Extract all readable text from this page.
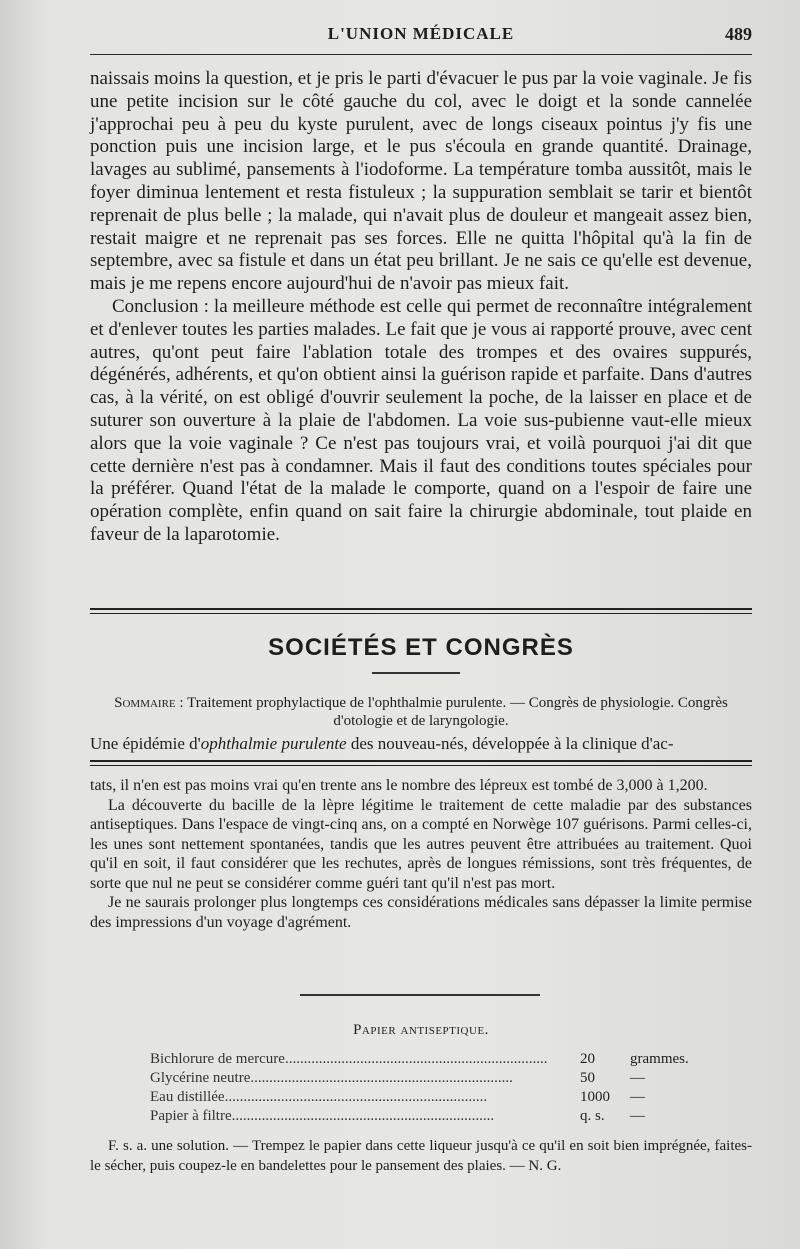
L'UNION MÉDICALE	489

naissais moins la question, et je pris le parti d'évacuer le pus par la voie vaginale. Je fis une petite incision sur le côté gauche du col, avec le doigt et la sonde cannelée j'approchai peu à peu du kyste purulent, avec de longs ciseaux pointus j'y fis une ponction puis une incision large, et le pus s'écoula en grande quantité. Drainage, lavages au sublimé, pansements à l'iodoforme. La température tomba aussitôt, mais le foyer diminua lentement et resta fistuleux ; la suppuration semblait se tarir et bientôt reprenait de plus belle ; la malade, qui n'avait plus de douleur et mangeait assez bien, restait maigre et ne reprenait pas ses forces. Elle ne quitta l'hôpital qu'à la fin de septembre, avec sa fistule et dans un état peu brillant. Je ne sais ce qu'elle est devenue, mais je me repens encore aujourd'hui de n'avoir pas mieux fait.

Conclusion : la meilleure méthode est celle qui permet de reconnaître intégralement et d'enlever toutes les parties malades. Le fait que je vous ai rapporté prouve, avec cent autres, qu'ont peut faire l'ablation totale des trompes et des ovaires suppurés, dégénérés, adhérents, et qu'on obtient ainsi la guérison rapide et parfaite. Dans d'autres cas, à la vérité, on est obligé d'ouvrir seulement la poche, de la laisser en place et de suturer son ouverture à la plaie de l'abdomen. La voie sus-pubienne vaut-elle mieux alors que la voie vaginale ? Ce n'est pas toujours vrai, et voilà pourquoi j'ai dit que cette dernière n'est pas à condamner. Mais il faut des conditions toutes spéciales pour la préférer. Quand l'état de la malade le comporte, quand on a l'espoir de faire une opération complète, enfin quand on sait faire la chirurgie abdominale, tout plaide en faveur de la laparotomie.

SOCIÉTÉS ET CONGRÈS
Sommaire : Traitement prophylactique de l'ophthalmie purulente. — Congrès de physiologie. Congrès d'otologie et de laryngologie.
Une épidémie d'ophthalmie purulente des nouveau-nés, développée à la clinique d'ac-

tats, il n'en est pas moins vrai qu'en trente ans le nombre des lépreux est tombé de 3,000 à 1,200.

La découverte du bacille de la lèpre légitime le traitement de cette maladie par des substances antiseptiques. Dans l'espace de vingt-cinq ans, on a compté en Norwège 107 guérisons. Parmi celles-ci, les unes sont nettement spontanées, tandis que les autres peuvent être attribuées au traitement. Quoi qu'il en soit, il faut considérer que les rechutes, après de longues rémissions, sont très fréquentes, de sorte que nul ne peut se considérer comme guéri tant qu'il n'est pas mort.

Je ne saurais prolonger plus longtemps ces considérations médicales sans dépasser la limite permise des impressions d'un voyage d'agrément.

Papier antiseptique.
Bichlorure de mercure......................................................................	20 grammes.
Glycérine neutre......................................................................	50 —
Eau distillée......................................................................	1000 —
Papier à filtre......................................................................	q. s. —

F. s. a. une solution. — Trempez le papier dans cette liqueur jusqu'à ce qu'il en soit bien imprégnée, faites-le sécher, puis coupez-le en bandelettes pour le pansement des plaies. — N. G.
